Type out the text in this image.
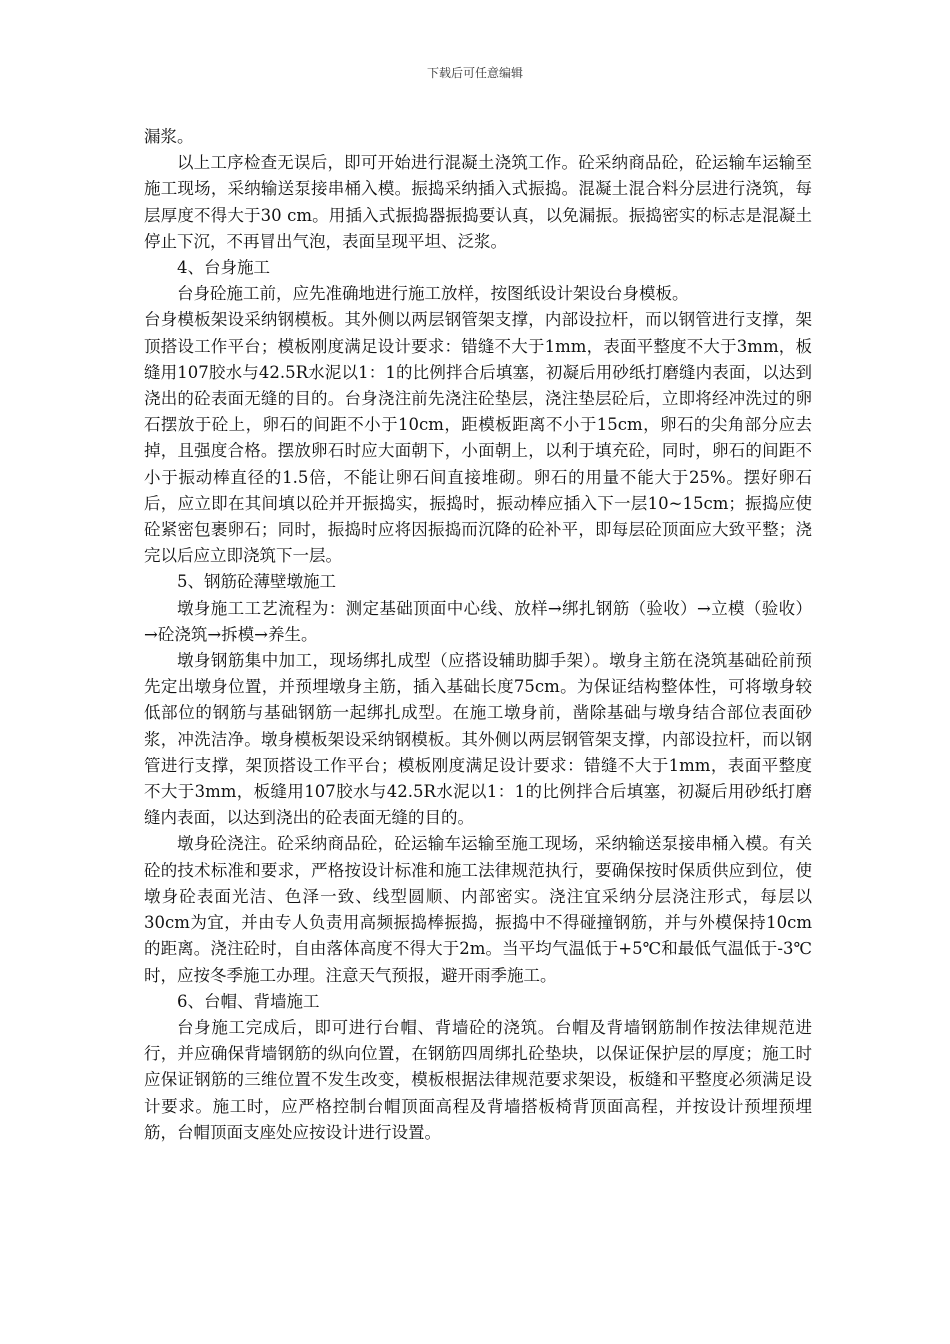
下载后可任意编辑

漏浆。

以上工序检查无误后，即可开始进行混凝土浇筑工作。砼采纳商品砼，砼运输车运输至施工现场，采纳输送泵接串桶入模。振捣采纳插入式振捣。混凝土混合料分层进行浇筑，每层厚度不得大于30 cm。用插入式振捣器振捣要认真，以免漏振。振捣密实的标志是混凝土停止下沉，不再冒出气泡，表面呈现平坦、泛浆。

4、台身施工

台身砼施工前，应先准确地进行施工放样，按图纸设计架设台身模板。

台身模板架设采纳钢模板。其外侧以两层钢管架支撑，内部设拉杆，而以钢管进行支撑，架顶搭设工作平台；模板刚度满足设计要求：错缝不大于1mm，表面平整度不大于3mm，板缝用107胶水与42.5R水泥以1：1的比例拌合后填塞，初凝后用砂纸打磨缝内表面，以达到浇出的砼表面无缝的目的。台身浇注前先浇注砼垫层，浇注垫层砼后，立即将经冲洗过的卵石摆放于砼上，卵石的间距不小于10cm，距模板距离不小于15cm，卵石的尖角部分应去掉，且强度合格。摆放卵石时应大面朝下，小面朝上，以利于填充砼，同时，卵石的间距不小于振动棒直径的1.5倍，不能让卵石间直接堆砌。卵石的用量不能大于25%。摆好卵石后，应立即在其间填以砼并开振捣实，振捣时，振动棒应插入下一层10~15cm；振捣应使砼紧密包裹卵石；同时，振捣时应将因振捣而沉降的砼补平，即每层砼顶面应大致平整；浇完以后应立即浇筑下一层。

5、钢筋砼薄壁墩施工

墩身施工工艺流程为：测定基础顶面中心线、放样→绑扎钢筋（验收）→立模（验收）→砼浇筑→拆模→养生。

墩身钢筋集中加工，现场绑扎成型（应搭设辅助脚手架）。墩身主筋在浇筑基础砼前预先定出墩身位置，并预埋墩身主筋，插入基础长度75cm。为保证结构整体性，可将墩身较低部位的钢筋与基础钢筋一起绑扎成型。在施工墩身前，凿除基础与墩身结合部位表面砂浆，冲洗洁净。墩身模板架设采纳钢模板。其外侧以两层钢管架支撑，内部设拉杆，而以钢管进行支撑，架顶搭设工作平台；模板刚度满足设计要求：错缝不大于1mm，表面平整度不大于3mm，板缝用107胶水与42.5R水泥以1：1的比例拌合后填塞，初凝后用砂纸打磨缝内表面，以达到浇出的砼表面无缝的目的。

墩身砼浇注。砼采纳商品砼，砼运输车运输至施工现场，采纳输送泵接串桶入模。有关砼的技术标准和要求，严格按设计标准和施工法律规范执行，要确保按时保质供应到位，使墩身砼表面光洁、色泽一致、线型圆顺、内部密实。浇注宜采纳分层浇注形式，每层以30cm为宜，并由专人负责用高频振捣棒振捣，振捣中不得碰撞钢筋，并与外模保持10cm的距离。浇注砼时，自由落体高度不得大于2m。当平均气温低于+5℃和最低气温低于-3℃时，应按冬季施工办理。注意天气预报，避开雨季施工。

6、台帽、背墙施工

台身施工完成后，即可进行台帽、背墙砼的浇筑。台帽及背墙钢筋制作按法律规范进行，并应确保背墙钢筋的纵向位置，在钢筋四周绑扎砼垫块，以保证保护层的厚度；施工时应保证钢筋的三维位置不发生改变，模板根据法律规范要求架设，板缝和平整度必须满足设计要求。施工时，应严格控制台帽顶面高程及背墙搭板椅背顶面高程，并按设计预埋预埋筋，台帽顶面支座处应按设计进行设置。
